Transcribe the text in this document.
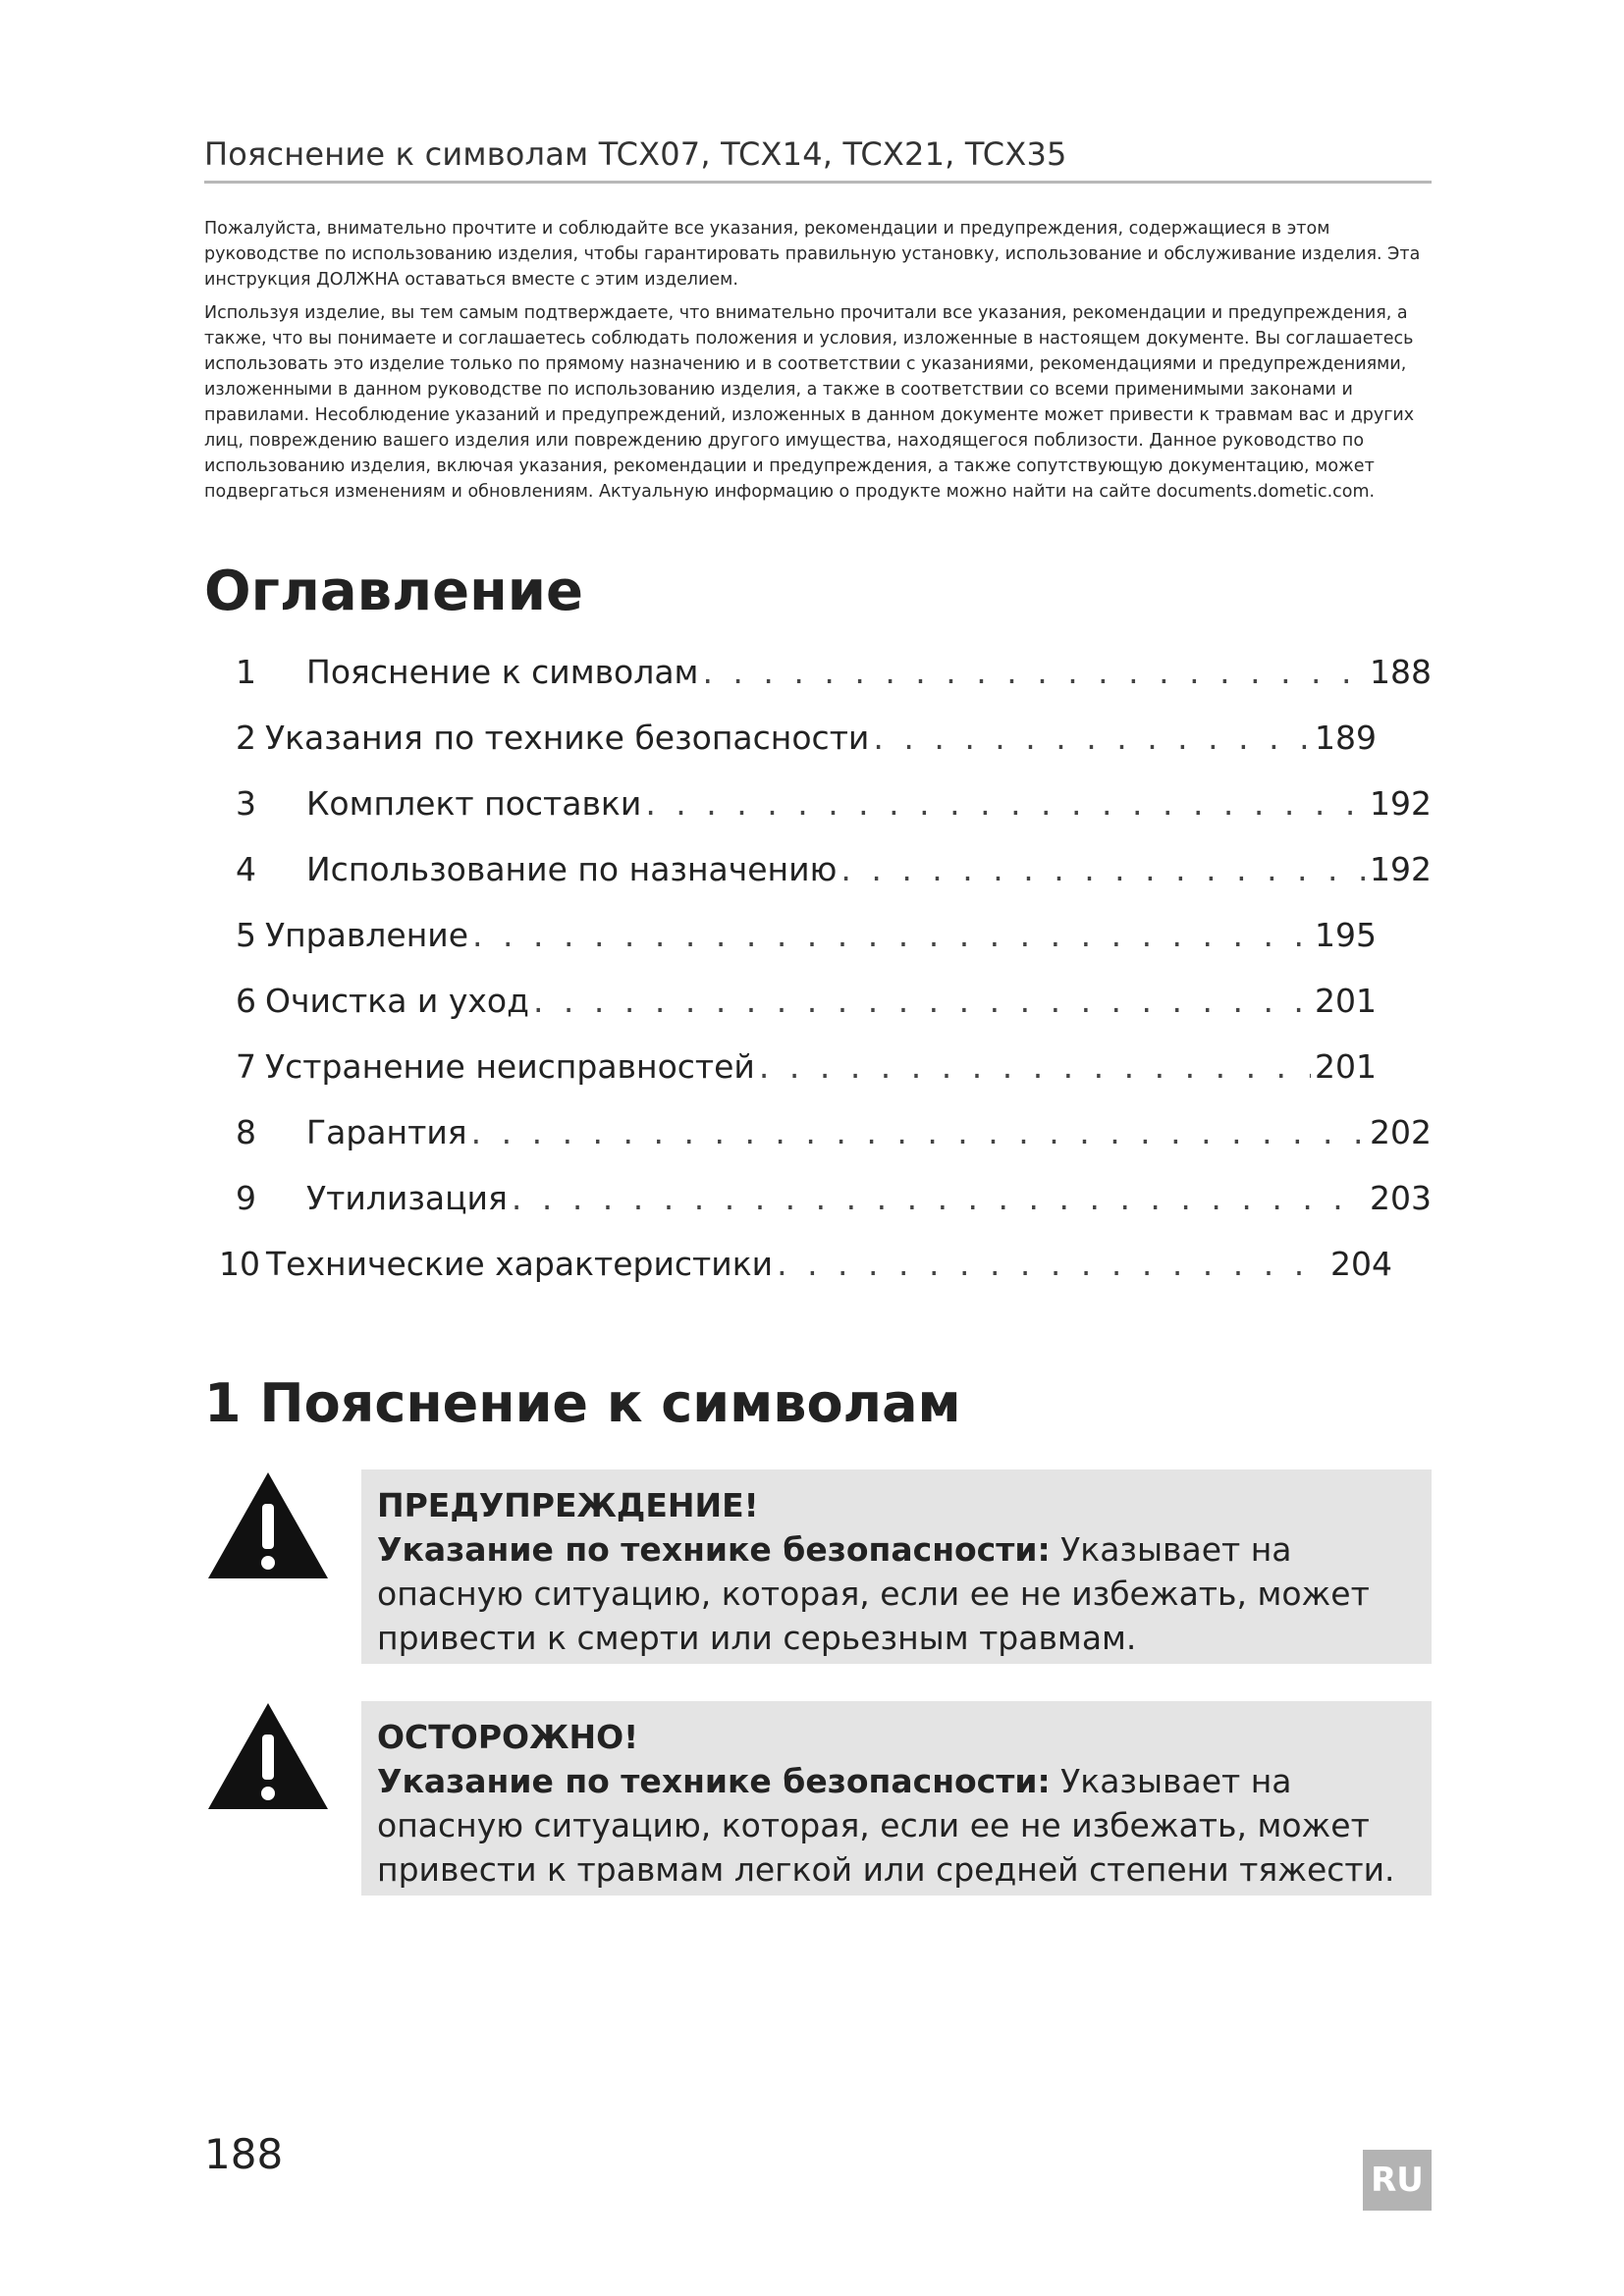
Пояснение к символам TCX07, TCX14, TCX21, TCX35

Пожалуйста, внимательно прочтите и соблюдайте все указания, рекомендации и предупреждения, содержащиеся в этом руководстве по использованию изделия, чтобы гарантировать правильную установку, использование и обслуживание изделия. Эта инструкция ДОЛЖНА оставаться вместе с этим изделием.

Используя изделие, вы тем самым подтверждаете, что внимательно прочитали все указания, рекомендации и предупреждения, а также, что вы понимаете и соглашаетесь соблюдать положения и условия, изложенные в настоящем документе. Вы соглашаетесь использовать это изделие только по прямому назначению и в соответствии с указаниями, рекомендациями и предупреждениями, изложенными в данном руководстве по использованию изделия, а также в соответствии со всеми применимыми законами и правилами. Несоблюдение указаний и предупреждений, изложенных в данном документе может привести к травмам вас и других лиц, повреждению вашего изделия или повреждению другого имущества, находящегося поблизости. Данное руководство по использованию изделия, включая указания, рекомендации и предупреждения, а также сопутствующую документацию, может подвергаться изменениям и обновлениям. Актуальную информацию о продукте можно найти на сайте documents.dometic.com.

Оглавление
1	Пояснение к символам . . .	188
2 Указания по технике безопасности . . .	189
3	Комплект поставки . . .	192
4	Использование по назначению . . .	192
5 Управление . . .	195
6 Очистка и уход . . .	201
7 Устранение неисправностей . . .	201
8	Гарантия . . .	202
9	Утилизация . . .	203
10 Технические характеристики . . .	204
1 Пояснение к символам
ПРЕДУПРЕЖДЕНИЕ!
Указание по технике безопасности: Указывает на опасную ситуацию, которая, если ее не избежать, может привести к смерти или серьезным травмам.
ОСТОРОЖНО!
Указание по технике безопасности: Указывает на опасную ситуацию, которая, если ее не избежать, может привести к травмам легкой или средней степени тяжести.
188
RU
